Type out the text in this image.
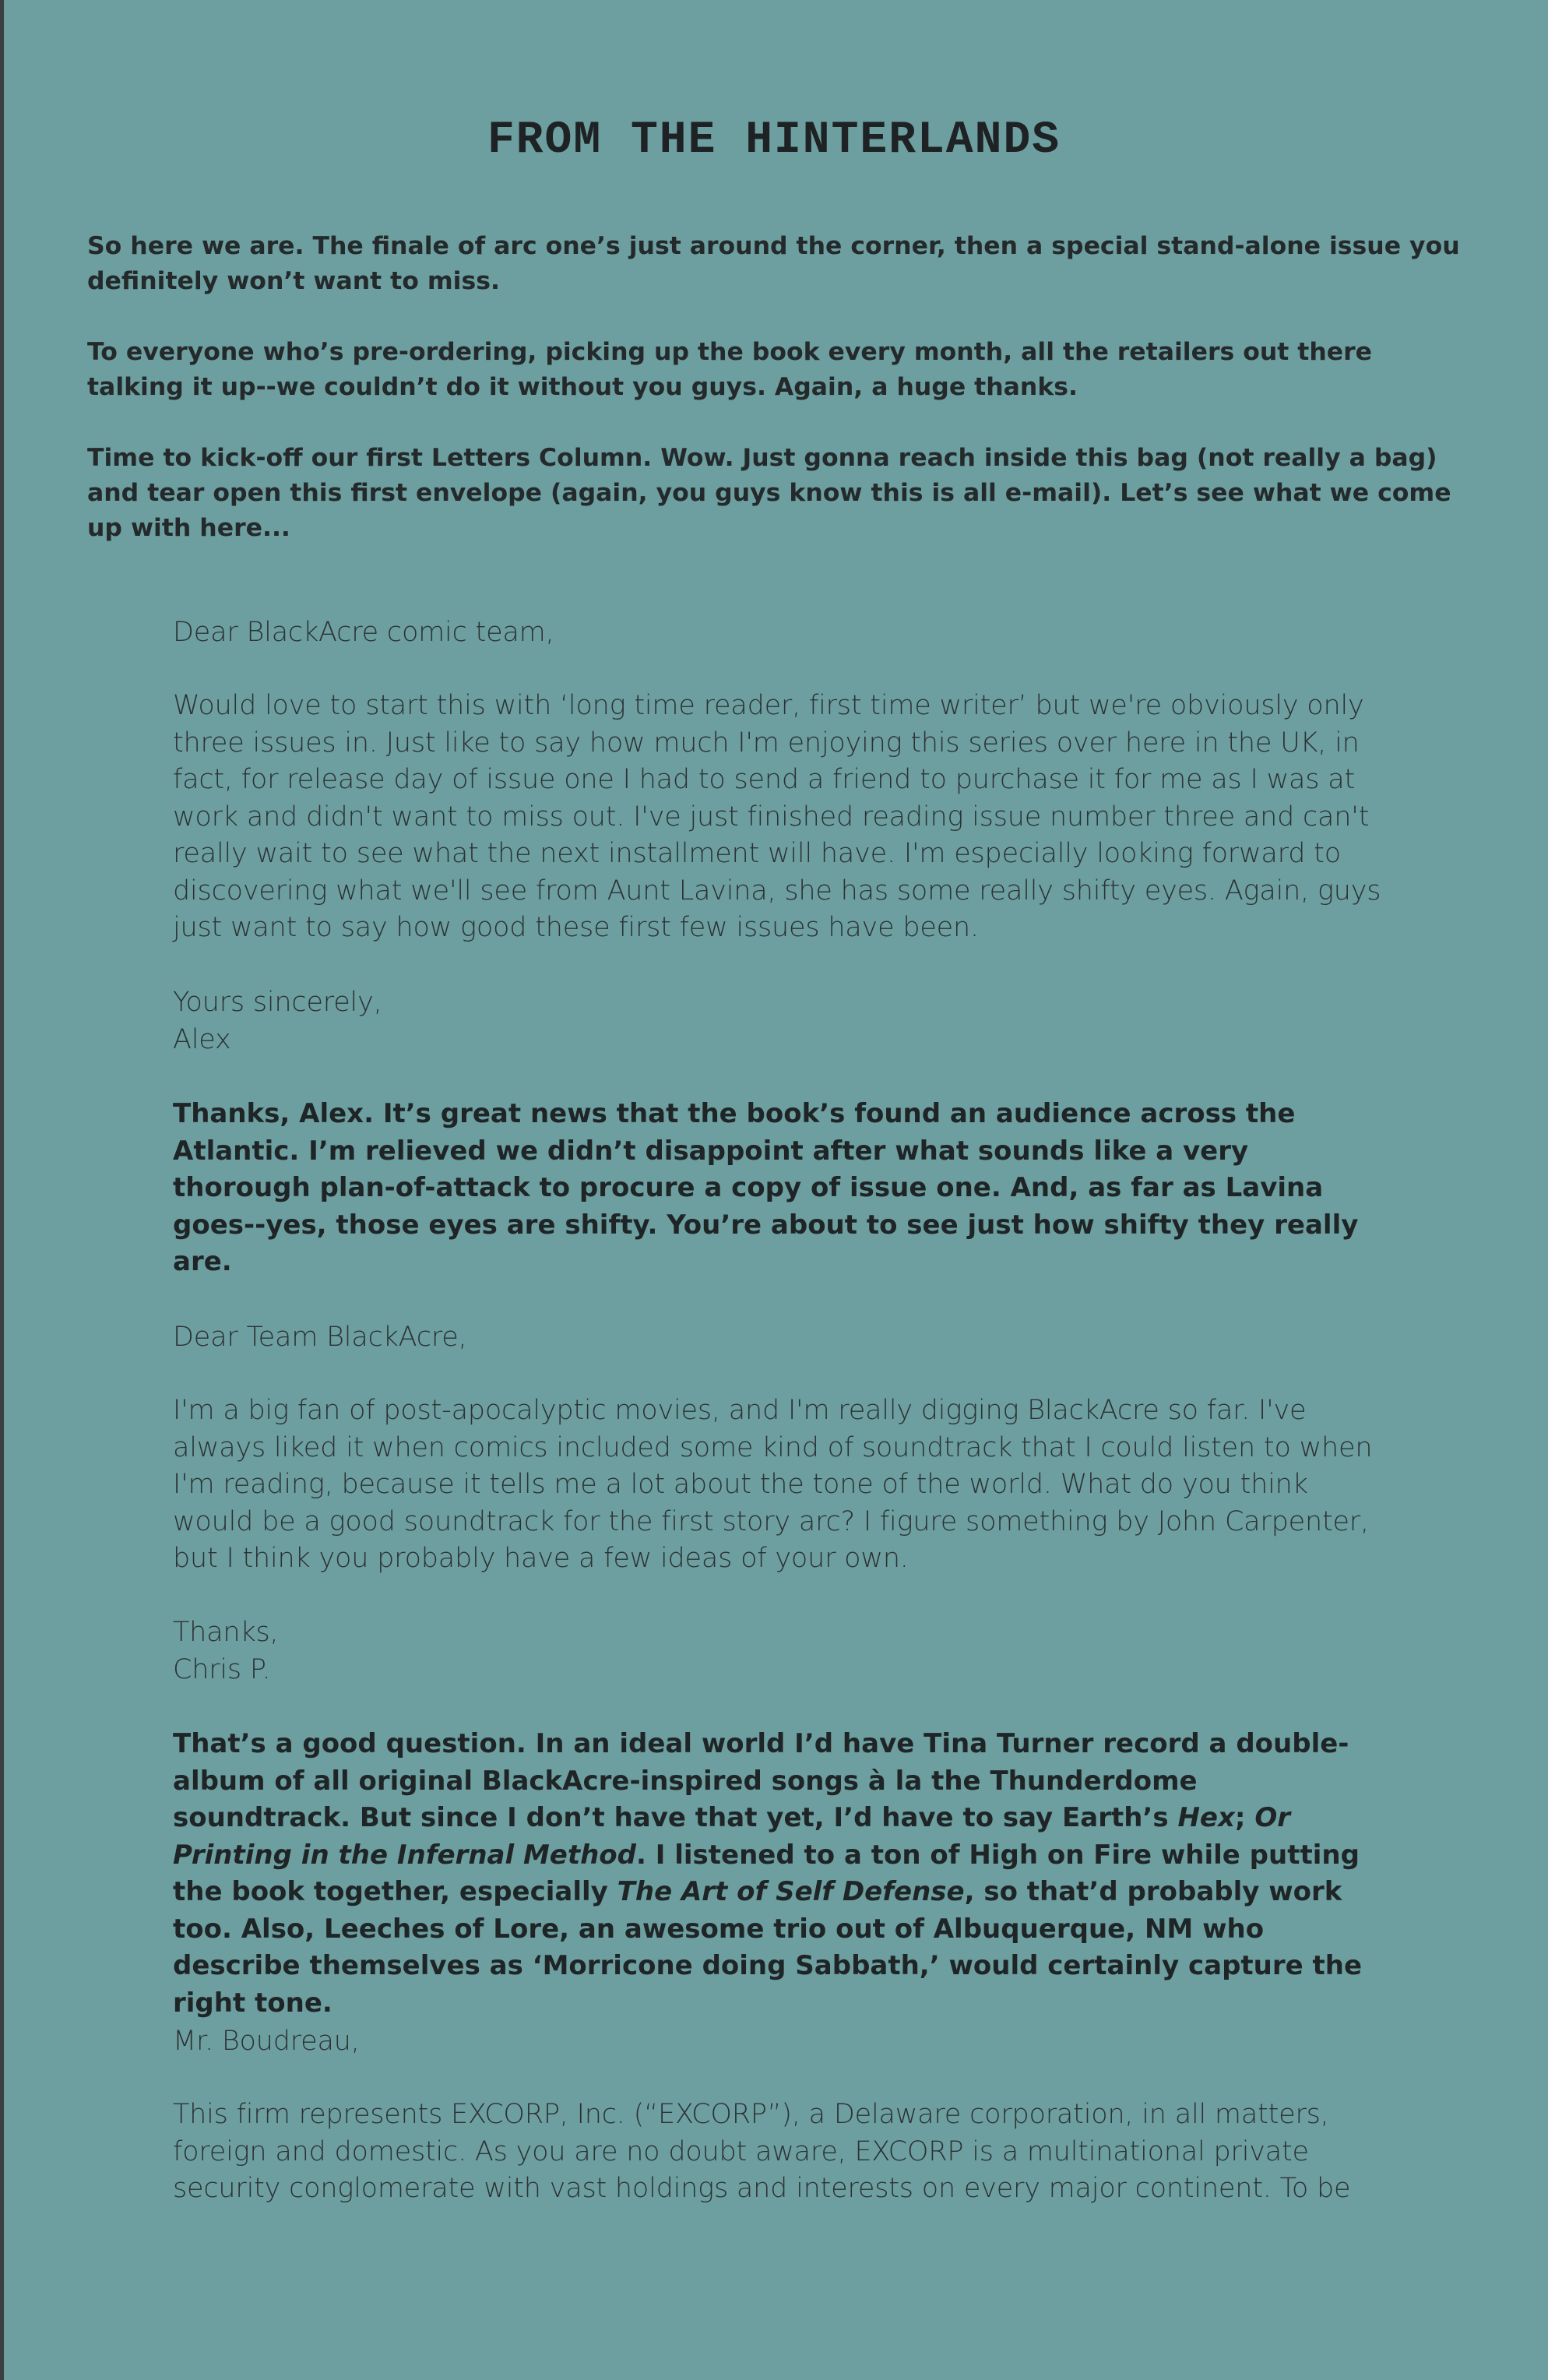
FROM THE HINTERLANDS

So here we are. The finale of arc one’s just around the corner, then a special stand-alone issue you definitely won’t want to miss.

To everyone who’s pre-ordering, picking up the book every month, all the retailers out there talking it up--we couldn’t do it without you guys. Again, a huge thanks.

Time to kick-off our first Letters Column. Wow. Just gonna reach inside this bag (not really a bag) and tear open this first envelope (again, you guys know this is all e-mail). Let’s see what we come up with here...

Dear BlackAcre comic team,

Would love to start this with ‘long time reader, first time writer’ but we're obviously only three issues in. Just like to say how much I'm enjoying this series over here in the UK, in fact, for release day of issue one I had to send a friend to purchase it for me as I was at work and didn't want to miss out. I've just finished reading issue number three and can't really wait to see what the next installment will have. I'm especially looking forward to discovering what we'll see from Aunt Lavina, she has some really shifty eyes. Again, guys just want to say how good these first few issues have been.

Yours sincerely,

Alex

Thanks, Alex. It’s great news that the book’s found an audience across the Atlantic. I’m relieved we didn’t disappoint after what sounds like a very thorough plan-of-attack to procure a copy of issue one. And, as far as Lavina goes--yes, those eyes are shifty. You’re about to see just how shifty they really are.

Dear Team BlackAcre,

I'm a big fan of post-apocalyptic movies, and I'm really digging BlackAcre so far. I've always liked it when comics included some kind of soundtrack that I could listen to when I'm reading, because it tells me a lot about the tone of the world. What do you think would be a good soundtrack for the first story arc? I figure something by John Carpenter, but I think you probably have a few ideas of your own.

Thanks,

Chris P.

That’s a good question. In an ideal world I’d have Tina Turner record a double-album of all original BlackAcre-inspired songs à la the Thunderdome soundtrack. But since I don’t have that yet, I’d have to say Earth’s Hex; Or Printing in the Infernal Method. I listened to a ton of High on Fire while putting the book together, especially The Art of Self Defense, so that’d probably work too. Also, Leeches of Lore, an awesome trio out of Albuquerque, NM who describe themselves as ‘Morricone doing Sabbath,’ would certainly capture the right tone.

Mr. Boudreau,

This firm represents EXCORP, Inc. (“EXCORP”), a Delaware corporation, in all matters, foreign and domestic. As you are no doubt aware, EXCORP is a multinational private security conglomerate with vast holdings and interests on every major continent. To be
